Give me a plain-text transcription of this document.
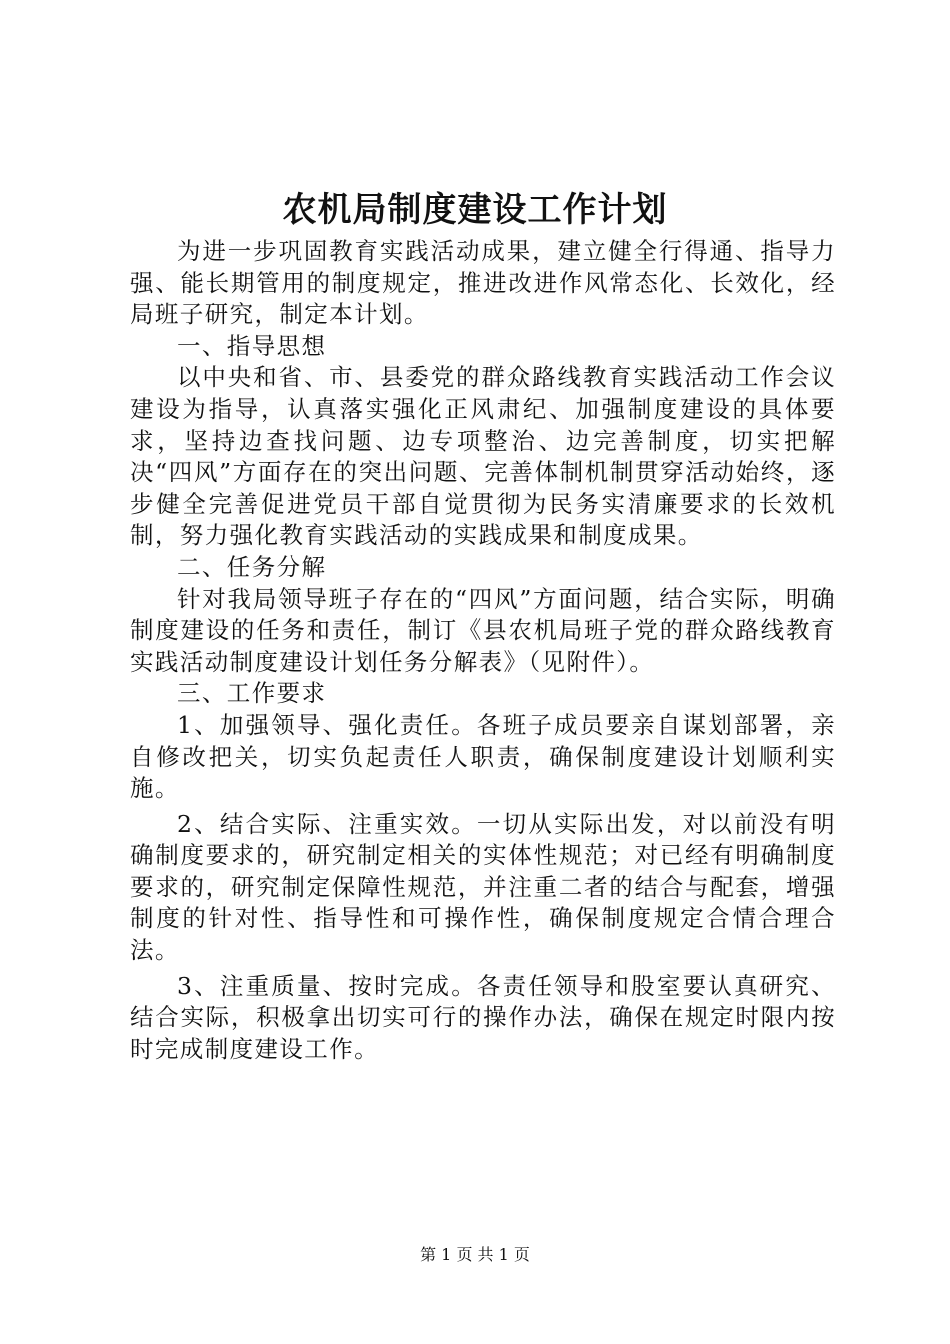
农机局制度建设工作计划

为进一步巩固教育实践活动成果，建立健全行得通、指导力强、能长期管用的制度规定，推进改进作风常态化、长效化，经局班子研究，制定本计划。

一、指导思想

以中央和省、市、县委党的群众路线教育实践活动工作会议建设为指导，认真落实强化正风肃纪、加强制度建设的具体要求，坚持边查找问题、边专项整治、边完善制度，切实把解决“四风”方面存在的突出问题、完善体制机制贯穿活动始终，逐步健全完善促进党员干部自觉贯彻为民务实清廉要求的长效机制，努力强化教育实践活动的实践成果和制度成果。

二、任务分解

针对我局领导班子存在的“四风”方面问题，结合实际，明确制度建设的任务和责任，制订《县农机局班子党的群众路线教育实践活动制度建设计划任务分解表》（见附件）。

三、工作要求

1、加强领导、强化责任。各班子成员要亲自谋划部署，亲自修改把关，切实负起责任人职责，确保制度建设计划顺利实施。

2、结合实际、注重实效。一切从实际出发，对以前没有明确制度要求的，研究制定相关的实体性规范；对已经有明确制度要求的，研究制定保障性规范，并注重二者的结合与配套，增强制度的针对性、指导性和可操作性，确保制度规定合情合理合法。

3、注重质量、按时完成。各责任领导和股室要认真研究、结合实际，积极拿出切实可行的操作办法，确保在规定时限内按时完成制度建设工作。

第 1 页 共 1 页
